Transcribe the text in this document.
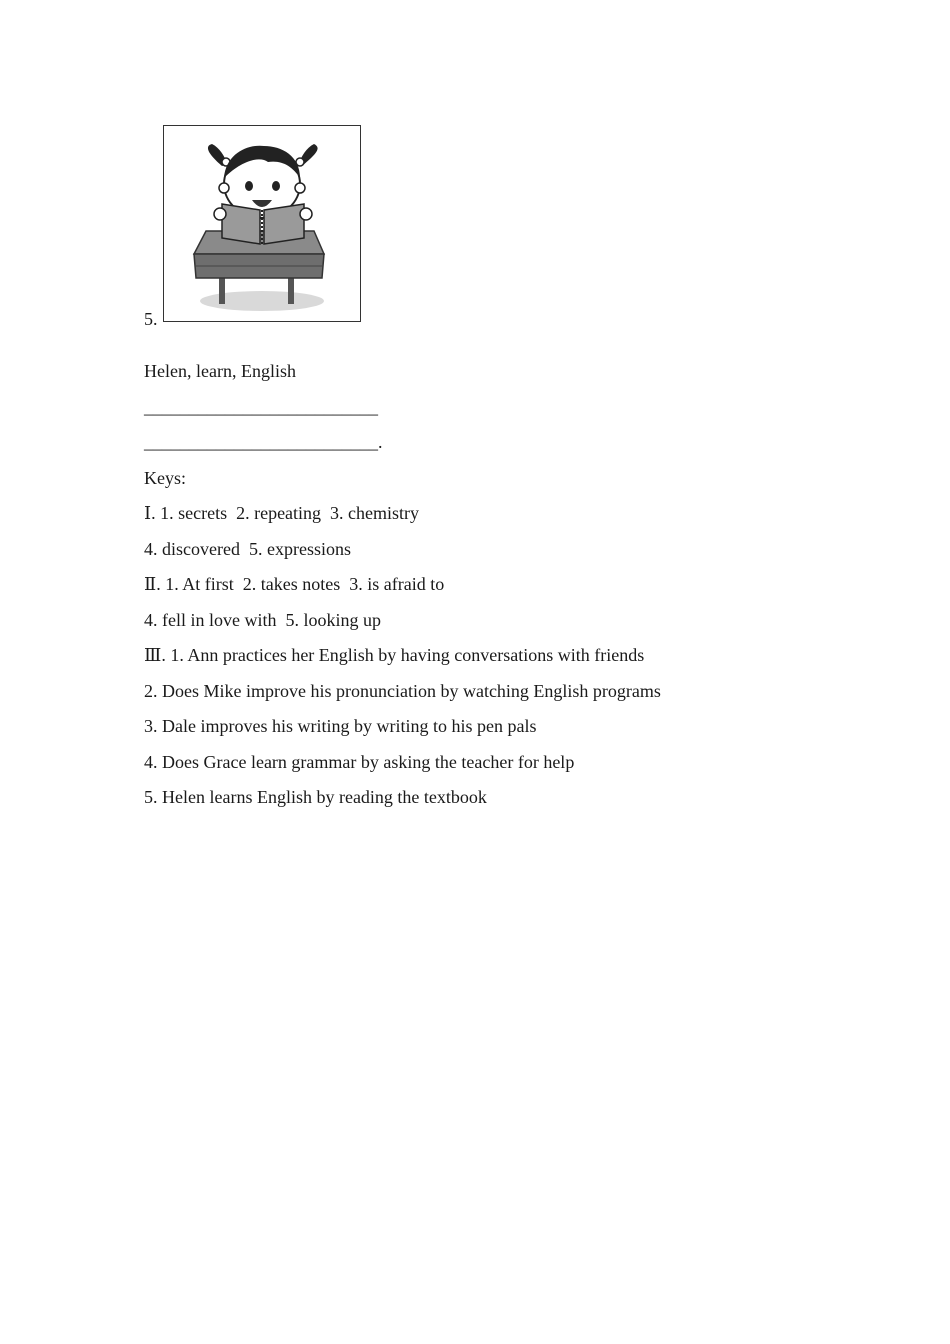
5.
Helen, learn, English
__________________________
__________________________.
Keys:
Ⅰ. 1. secrets  2. repeating  3. chemistry
4. discovered  5. expressions
Ⅱ. 1. At first  2. takes notes  3. is afraid to
4. fell in love with  5. looking up
Ⅲ. 1. Ann practices her English by having conversations with friends
2. Does Mike improve his pronunciation by watching English programs
3. Dale improves his writing by writing to his pen pals
4. Does Grace learn grammar by asking the teacher for help
5. Helen learns English by reading the textbook
